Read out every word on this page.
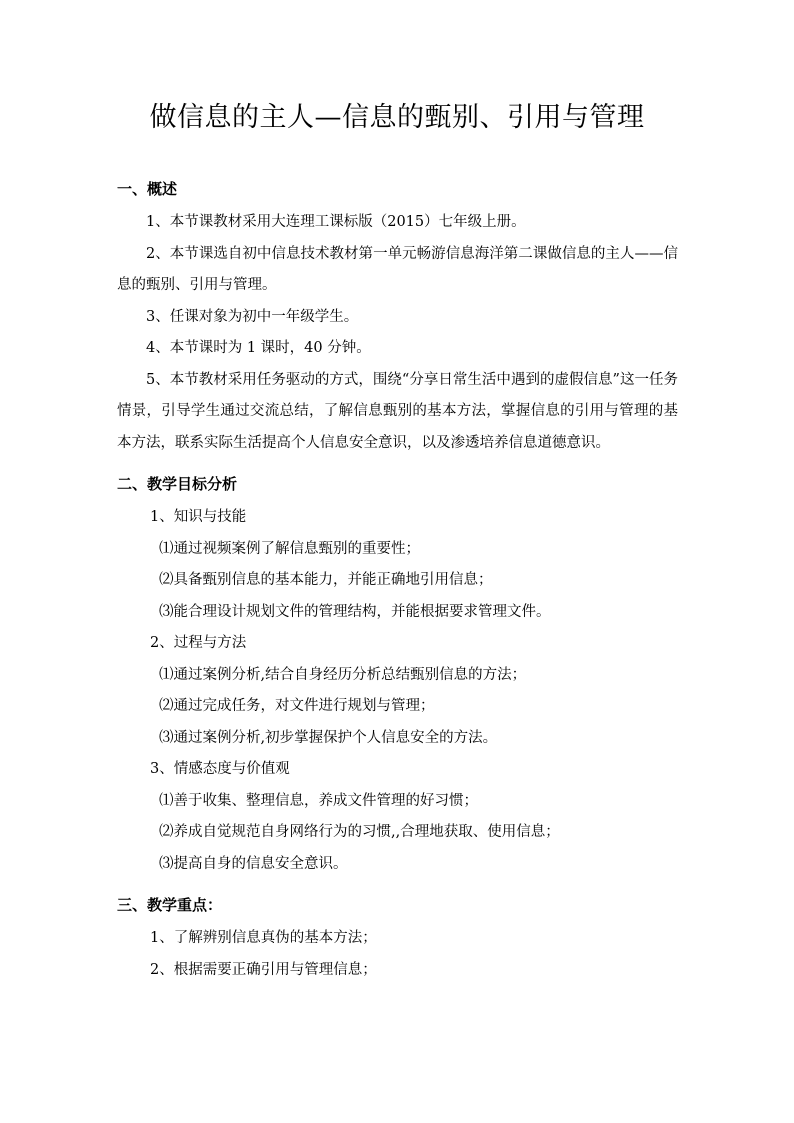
做信息的主人—信息的甄别、引用与管理
一、概述

1、本节课教材采用大连理工课标版（2015）七年级上册。

2、本节课选自初中信息技术教材第一单元畅游信息海洋第二课做信息的主人——信息的甄别、引用与管理。

3、任课对象为初中一年级学生。

4、本节课时为 1 课时，40 分钟。

5、本节教材采用任务驱动的方式，围绕“分享日常生活中遇到的虚假信息”这一任务情景，引导学生通过交流总结，了解信息甄别的基本方法，掌握信息的引用与管理的基本方法，联系实际生活提高个人信息安全意识，以及渗透培养信息道德意识。

二、教学目标分析

1、知识与技能

⑴通过视频案例了解信息甄别的重要性；

⑵具备甄别信息的基本能力，并能正确地引用信息；

⑶能合理设计规划文件的管理结构，并能根据要求管理文件。

2、过程与方法

⑴通过案例分析,结合自身经历分析总结甄别信息的方法；

⑵通过完成任务，对文件进行规划与管理；

⑶通过案例分析,初步掌握保护个人信息安全的方法。

3、情感态度与价值观

⑴善于收集、整理信息，养成文件管理的好习惯；

⑵养成自觉规范自身网络行为的习惯,,合理地获取、使用信息；

⑶提高自身的信息安全意识。

三、教学重点：

1、了解辨别信息真伪的基本方法；

2、根据需要正确引用与管理信息；
